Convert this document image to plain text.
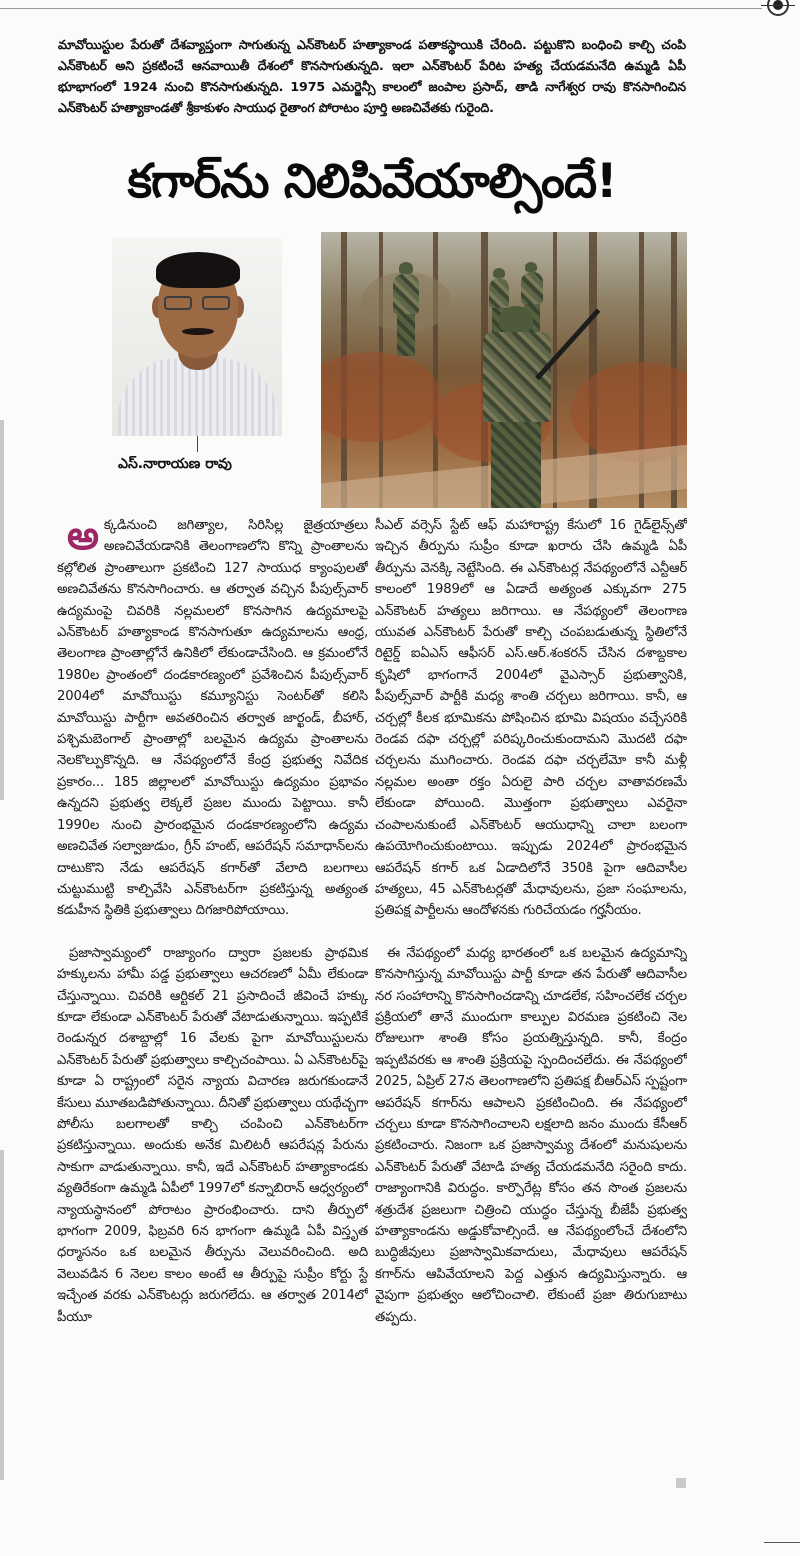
మావోయిస్టుల పేరుతో దేశవ్యాప్తంగా సాగుతున్న ఎన్‌కౌంటర్ హత్యాకాండ పతాకస్థాయికి చేరింది. పట్టుకొని బంధించి కాల్చి చంపి ఎన్‌కౌంటర్ అని ప్రకటించే ఆనవాయితీ దేశంలో కొనసాగుతున్నది. ఇలా ఎన్‌కౌంటర్ పేరిట హత్య చేయడమనేది ఉమ్మడి ఏపీ భూభాగంలో 1924 నుంచి కొనసాగుతున్నది. 1975 ఎమర్జెన్సీ కాలంలో జంపాల ప్రసాద్, తాడి నాగేశ్వర రావు కొనసాగించిన ఎన్‌కౌంటర్ హత్యాకాండతో శ్రీకాకుళం సాయుధ రైతాంగ పోరాటం పూర్తి అణచివేతకు గురైంది.
కగార్‌ను నిలిపివేయాల్సిందే!
ఎస్.నారాయణ రావు

అక్కడినుంచి జగిత్యాల, సిరిసిల్ల జైత్రయాత్రలు అణచివేయడానికి తెలంగాణలోని కొన్ని ప్రాంతాలను కల్లోలిత ప్రాంతాలుగా ప్రకటించి 127 సాయుధ క్యాంపులతో అణచివేతను కొనసాగించారు. ఆ తర్వాత వచ్చిన పీపుల్స్‌వార్ ఉద్యమంపై చివరికి నల్లమలలో కొనసాగిన ఉద్యమాలపై ఎన్‌కౌంటర్ హత్యాకాండ కొనసాగుతూ ఉద్యమాలను ఆంధ్ర, తెలంగాణ ప్రాంతాల్లోనే ఉనికిలో లేకుండాచేసింది. ఆ క్రమంలోనే 1980ల ప్రాంతంలో దండకారణ్యంలో ప్రవేశించిన పీపుల్స్‌వార్ 2004లో మావోయిస్టు కమ్యూనిస్టు సెంటర్‌తో కలిసి మావోయిస్టు పార్టీగా అవతరించిన తర్వాత జార్ఖండ్, బీహార్, పశ్చిమబెంగాల్ ప్రాంతాల్లో బలమైన ఉద్యమ ప్రాంతాలను నెలకొల్పుకొన్నది. ఆ నేపథ్యంలోనే కేంద్ర ప్రభుత్వ నివేదిక ప్రకారం... 185 జిల్లాలలో మావోయిస్టు ఉద్యమం ప్రభావం ఉన్నదని ప్రభుత్వ లెక్కలే ప్రజల ముందు పెట్టాయి. కానీ 1990ల నుంచి ప్రారంభమైన దండకారణ్యంలోని ఉద్యమ అణచివేత సల్వాజుడుం, గ్రీన్ హంట్, ఆపరేషన్ సమాధాన్‌లను దాటుకొని నేడు ఆపరేషన్ కగార్‌తో వేలాది బలగాలు చుట్టుముట్టి కాల్చివేసి ఎన్‌కౌంటర్‌గా ప్రకటిస్తున్న అత్యంత కడుహీన స్థితికి ప్రభుత్వాలు దిగజారిపోయాయి.

ప్రజాస్వామ్యంలో రాజ్యాంగం ద్వారా ప్రజలకు ప్రాథమిక హక్కులను హామీ పడ్డ ప్రభుత్వాలు ఆచరణలో ఏమీ లేకుండా చేస్తున్నాయి. చివరికి ఆర్టికల్ 21 ప్రసాదించే జీవించే హక్కు కూడా లేకుండా ఎన్‌కౌంటర్ పేరుతో వేటాడుతున్నాయి. ఇప్పటికే రెండున్నర దశాబ్దాల్లో 16 వేలకు పైగా మావోయిస్టులను ఎన్‌కౌంటర్ పేరుతో ప్రభుత్వాలు కాల్చిచంపాయి. ఏ ఎన్‌కౌంటర్‌పై కూడా ఏ రాష్ట్రంలో సరైన న్యాయ విచారణ జరుగకుండానే కేసులు మూతబడిపోతున్నాయి. దీనితో ప్రభుత్వాలు యథేచ్ఛగా పోలీసు బలగాలతో కాల్చి చంపించి ఎన్‌కౌంటర్‌గా ప్రకటిస్తున్నాయి. అందుకు అనేక మిలిటరీ ఆపరేషన్ల పేరును సాకుగా వాడుతున్నాయి. కానీ, ఇదే ఎన్‌కౌంటర్ హత్యాకాండకు వ్యతిరేకంగా ఉమ్మడి ఏపీలో 1997లో కన్నాబిరాన్ ఆధ్వర్యంలో న్యాయస్థానంలో పోరాటం ప్రారంభించారు. దాని తీర్పులో భాగంగా 2009, ఫిబ్రవరి 6న భాగంగా ఉమ్మడి ఏపీ విస్తృత ధర్మాసనం ఒక బలమైన తీర్పును వెలువరించింది. అది వెలువడిన 6 నెలల కాలం అంటే ఆ తీర్పుపై సుప్రీం కోర్టు స్టే ఇచ్చేంత వరకు ఎన్‌కౌంటర్లు జరుగలేదు. ఆ తర్వాత 2014లో పీయూ

సీఎల్ వర్సెస్ స్టేట్ ఆఫ్ మహారాష్ట్ర కేసులో 16 గైడ్‌లైన్స్‌తో ఇచ్చిన తీర్పును సుప్రీం కూడా ఖరారు చేసి ఉమ్మడి ఏపీ తీర్పును వెనక్కి నెట్టేసింది. ఈ ఎన్‌కౌంటర్ల నేపథ్యంలోనే ఎన్టీఆర్ కాలంలో 1989లో ఆ ఏడాదే అత్యంత ఎక్కువగా 275 ఎన్‌కౌంటర్ హత్యలు జరిగాయి. ఆ నేపథ్యంలో తెలంగాణ యువత ఎన్‌కౌంటర్ పేరుతో కాల్చి చంపబడుతున్న స్థితిలోనే రిటైర్డ్ ఐఏఎస్ ఆఫీసర్ ఎస్.ఆర్.శంకరన్ చేసిన దశాబ్దకాల కృషిలో భాగంగానే 2004లో వైఎస్సార్ ప్రభుత్వానికి, పీపుల్స్‌వార్ పార్టీకి మధ్య శాంతి చర్చలు జరిగాయి. కానీ, ఆ చర్చల్లో కీలక భూమికను పోషించిన భూమి విషయం వచ్చేసరికి రెండవ దఫా చర్చల్లో పరిష్కరించుకుందామని మొదటి దఫా చర్చలను ముగించారు. రెండవ దఫా చర్చలేమో కానీ మళ్లీ నల్లమల అంతా రక్తం ఏరులై పారి చర్చల వాతావరణమే లేకుండా పోయింది. మొత్తంగా ప్రభుత్వాలు ఎవరైనా చంపాలనుకుంటే ఎన్‌కౌంటర్ ఆయుధాన్ని చాలా బలంగా ఉపయోగించుకుంటాయి. ఇప్పుడు 2024లో ప్రారంభమైన ఆపరేషన్ కగార్ ఒక ఏడాదిలోనే 350కి పైగా ఆదివాసీల హత్యలు, 45 ఎన్‌కౌంటర్లతో మేధావులను, ప్రజా సంఘాలను, ప్రతిపక్ష పార్టీలను ఆందోళనకు గురిచేయడం గర్హనీయం.

ఈ నేపథ్యంలో మధ్య భారతంలో ఒక బలమైన ఉద్యమాన్ని కొనసాగిస్తున్న మావోయిస్టు పార్టీ కూడా తన పేరుతో ఆదివాసీల నర సంహారాన్ని కొనసాగించడాన్ని చూడలేక, సహించలేక చర్చల ప్రక్రియలో తానే ముందుగా కాల్పుల విరమణ ప్రకటించి నెల రోజులుగా శాంతి కోసం ప్రయత్నిస్తున్నది. కానీ, కేంద్రం ఇప్పటివరకు ఆ శాంతి ప్రక్రియపై స్పందించలేదు. ఈ నేపథ్యంలో 2025, ఏప్రిల్ 27న తెలంగాణలోని ప్రతిపక్ష బీఆర్ఎస్ స్పష్టంగా ఆపరేషన్ కగార్‌ను ఆపాలని ప్రకటించింది. ఈ నేపథ్యంలో చర్చలు కూడా కొనసాగించాలని లక్షలాది జనం ముందు కేసీఆర్ ప్రకటించారు. నిజంగా ఒక ప్రజాస్వామ్య దేశంలో మనుషులను ఎన్‌కౌంటర్ పేరుతో వేటాడి హత్య చేయడమనేది సరైంది కాదు. రాజ్యాంగానికి విరుద్ధం. కార్పొరేట్ల కోసం తన సొంత ప్రజలను శత్రుదేశ ప్రజలుగా చిత్రించి యుద్ధం చేస్తున్న బీజేపీ ప్రభుత్వ హత్యాకాండను అడ్డుకోవాల్సిందే. ఆ నేపథ్యంలోంచే దేశంలోని బుద్ధిజీవులు ప్రజాస్వామికవాదులు, మేధావులు ఆపరేషన్ కగార్‌ను ఆపివేయాలని పెద్ద ఎత్తున ఉద్యమిస్తున్నారు. ఆ వైపుగా ప్రభుత్వం ఆలోచించాలి. లేకుంటే ప్రజా తిరుగుబాటు తప్పదు.
